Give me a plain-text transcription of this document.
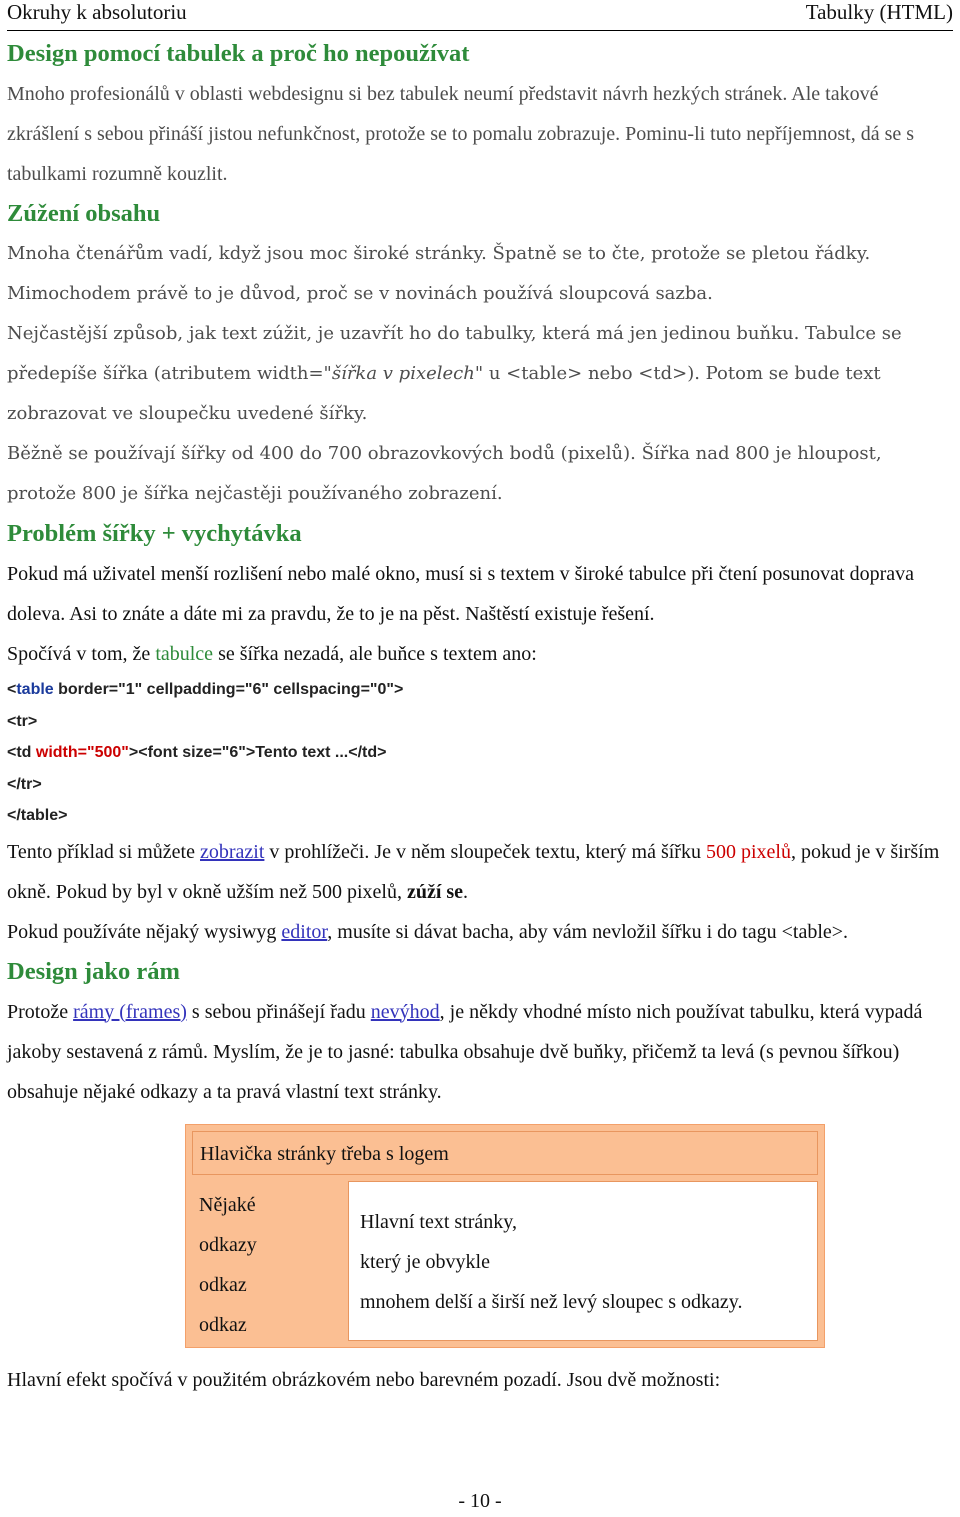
Okruhy k absolutoriu	Tabulky (HTML)
Design pomocí tabulek a proč ho nepoužívat

Mnoho profesionálů v oblasti webdesignu si bez tabulek neumí představit návrh hezkých stránek. Ale takové zkrášlení s sebou přináší jistou nefunkčnost, protože se to pomalu zobrazuje. Pominu-li tuto nepříjemnost, dá se s tabulkami rozumně kouzlit.

Zúžení obsahu

Mnoha čtenářům vadí, když jsou moc široké stránky. Špatně se to čte, protože se pletou řádky. Mimochodem právě to je důvod, proč se v novinách používá sloupcová sazba.

Nejčastější způsob, jak text zúžit, je uzavřít ho do tabulky, která má jen jedinou buňku. Tabulce se předepíše šířka (atributem width="šířka v pixelech" u <table> nebo <td>). Potom se bude text zobrazovat ve sloupečku uvedené šířky.

Běžně se používají šířky od 400 do 700 obrazovkových bodů (pixelů). Šířka nad 800 je hloupost, protože 800 je šířka nejčastěji používaného zobrazení.

Problém šířky + vychytávka

Pokud má uživatel menší rozlišení nebo malé okno, musí si s textem v široké tabulce při čtení posunovat doprava doleva. Asi to znáte a dáte mi za pravdu, že to je na pěst. Naštěstí existuje řešení.

Spočívá v tom, že tabulce se šířka nezadá, ale buňce s textem ano:

<table border="1" cellpadding="6" cellspacing="0">
<tr>
<td width="500"><font size="6">Tento text ...</td>
</tr>
</table>

Tento příklad si můžete zobrazit v prohlížeči. Je v něm sloupeček textu, který má šířku 500 pixelů, pokud je v širším okně. Pokud by byl v okně užším než 500 pixelů, zúží se.

Pokud používáte nějaký wysiwyg editor, musíte si dávat bacha, aby vám nevložil šířku i do tagu <table>.

Design jako rám

Protože rámy (frames) s sebou přinášejí řadu nevýhod, je někdy vhodné místo nich používat tabulku, která vypadá jakoby sestavená z rámů. Myslím, že je to jasné: tabulka obsahuje dvě buňky, přičemž ta levá (s pevnou šířkou) obsahuje nějaké odkazy a ta pravá vlastní text stránky.

Hlavička stránky třeba s logem
Nějaké
odkazy
odkaz
odkaz
Hlavní text stránky,
který je obvykle
mnohem delší a širší než levý sloupec s odkazy.

Hlavní efekt spočívá v použitém obrázkovém nebo barevném pozadí. Jsou dvě možnosti:

- 10 -
